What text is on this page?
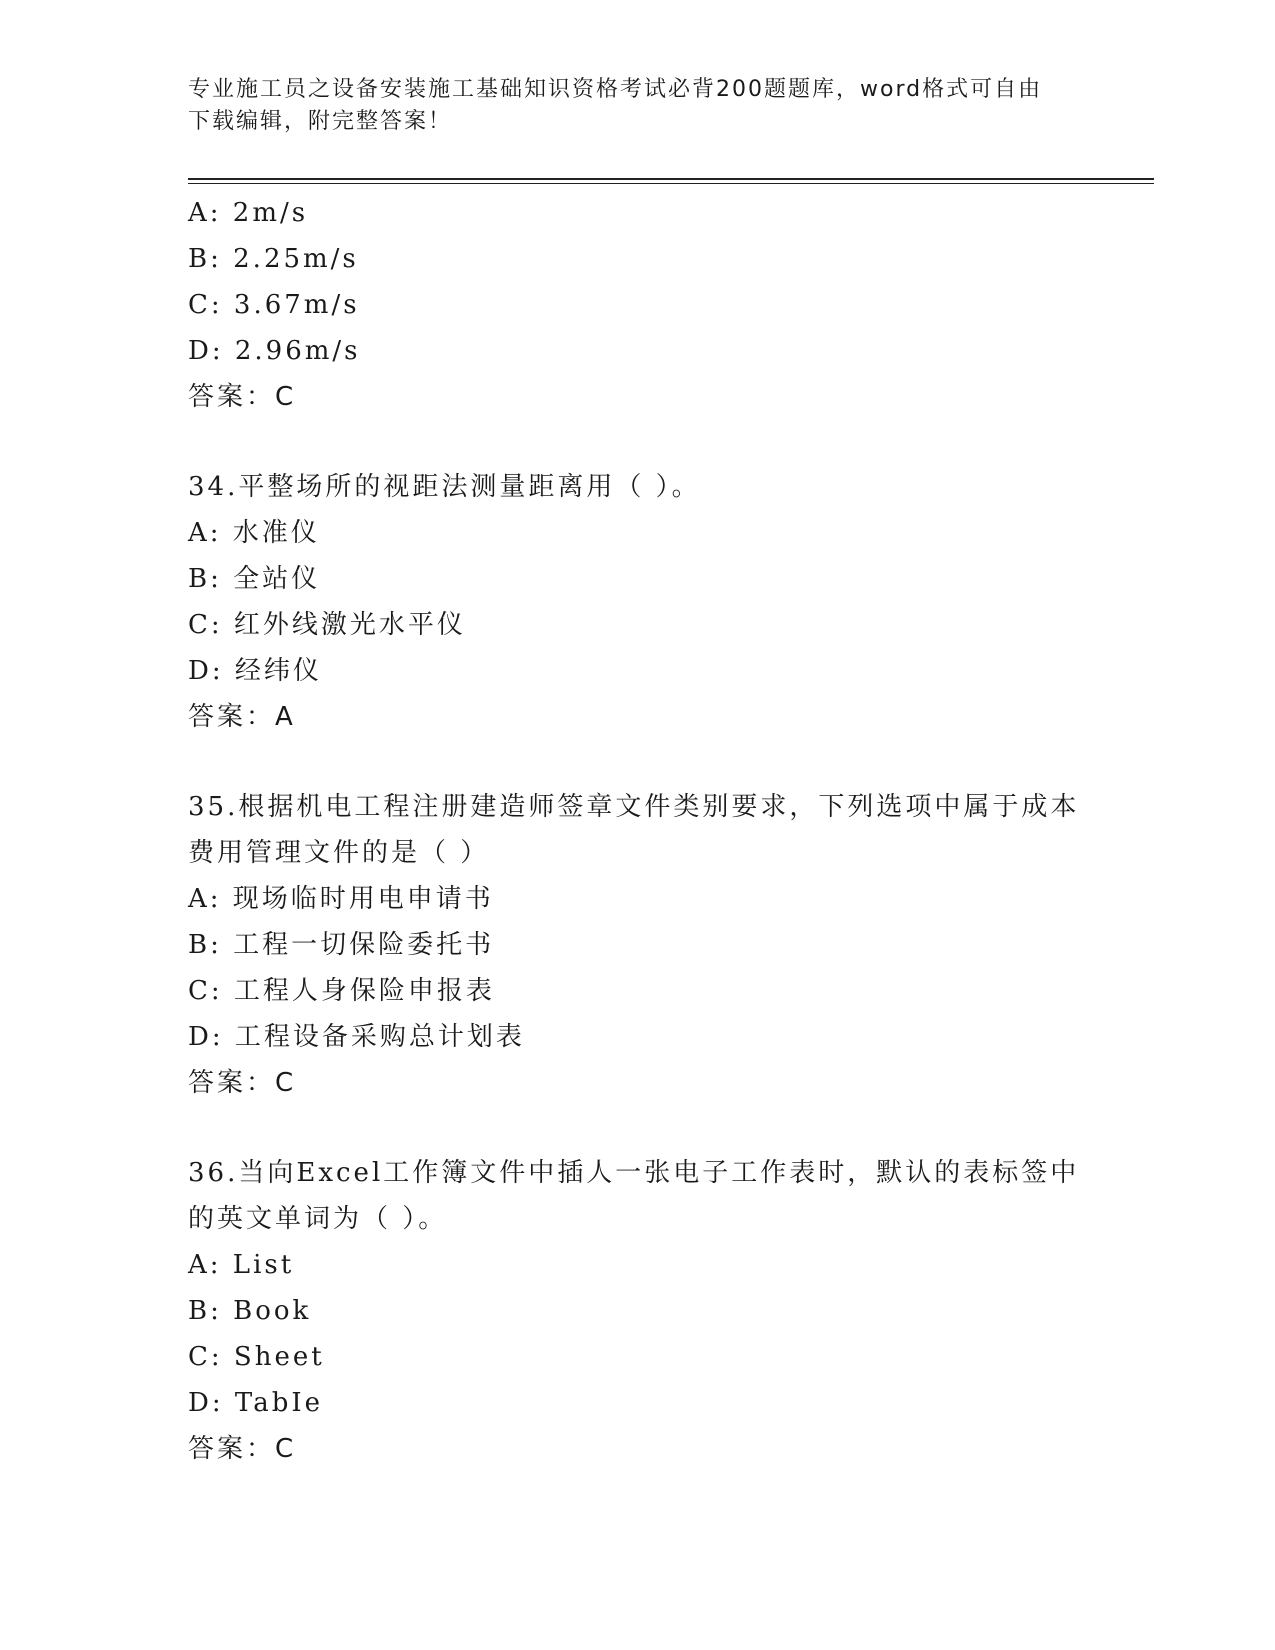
专业施工员之设备安装施工基础知识资格考试必背200题题库，word格式可自由
下载编辑，附完整答案！
A: 2m/s
B: 2.25m/s
C: 3.67m/s
D: 2.96m/s
答案：C
34.平整场所的视距法测量距离用（ ）。
A: 水准仪
B: 全站仪
C: 红外线激光水平仪
D: 经纬仪
答案：A
35.根据机电工程注册建造师签章文件类别要求，下列选项中属于成本
费用管理文件的是（ ）
A: 现场临时用电申请书
B: 工程一切保险委托书
C: 工程人身保险申报表
D: 工程设备采购总计划表
答案：C
36.当向Excel工作簿文件中插人一张电子工作表时，默认的表标签中
的英文单词为（ ）。
A: List
B: Book
C: Sheet
D: TabIe
答案：C
